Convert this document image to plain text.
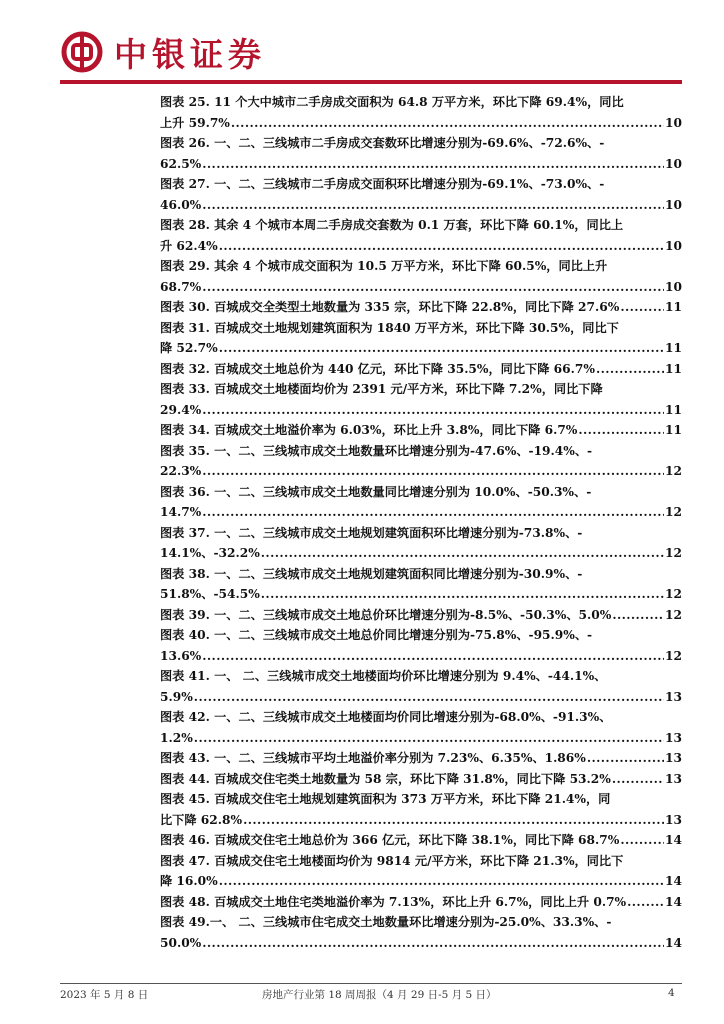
中银证券
图表 25. 11 个大中城市二手房成交面积为 64.8 万平方米，环比下降 69.4%，同比
上升 59.7% .....	10
图表 26. 一、二、三线城市二手房成交套数环比增速分别为-69.6%、-72.6%、-
62.5% .....	10
图表 27. 一、二、三线城市二手房成交面积环比增速分别为-69.1%、-73.0%、-
46.0% .....	10
图表 28. 其余 4 个城市本周二手房成交套数为 0.1 万套，环比下降 60.1%，同比上
升 62.4% .....	10
图表 29. 其余 4 个城市成交面积为 10.5 万平方米，环比下降 60.5%，同比上升
68.7% .....	10
图表 30. 百城成交全类型土地数量为 335 宗，环比下降 22.8%，同比下降 27.6% .....	11
图表 31. 百城成交土地规划建筑面积为 1840 万平方米，环比下降 30.5%，同比下
降 52.7% .....	11
图表 32. 百城成交土地总价为 440 亿元，环比下降 35.5%，同比下降 66.7% .....	11
图表 33. 百城成交土地楼面均价为 2391 元/平方米，环比下降 7.2%，同比下降
29.4% .....	11
图表 34. 百城成交土地溢价率为 6.03%，环比上升 3.8%，同比下降 6.7% .....	11
图表 35. 一、二、三线城市成交土地数量环比增速分别为-47.6%、-19.4%、-
22.3% .....	12
图表 36. 一、二、三线城市成交土地数量同比增速分别为 10.0%、-50.3%、-
14.7% .....	12
图表 37. 一、二、三线城市成交土地规划建筑面积环比增速分别为-73.8%、-
14.1%、-32.2% .....	12
图表 38. 一、二、三线城市成交土地规划建筑面积同比增速分别为-30.9%、-
51.8%、-54.5% .....	12
图表 39. 一、二、三线城市成交土地总价环比增速分别为-8.5%、-50.3%、5.0% .....	12
图表 40. 一、二、三线城市成交土地总价同比增速分别为-75.8%、-95.9%、-
13.6% .....	12
图表 41. 一、 二、三线城市成交土地楼面均价环比增速分别为 9.4%、-44.1%、
5.9% .....	13
图表 42. 一、二、三线城市成交土地楼面均价同比增速分别为-68.0%、-91.3%、
1.2% .....	13
图表 43. 一、二、三线城市平均土地溢价率分别为 7.23%、6.35%、1.86% .....	13
图表 44. 百城成交住宅类土地数量为 58 宗，环比下降 31.8%，同比下降 53.2% .....	13
图表 45. 百城成交住宅土地规划建筑面积为 373 万平方米，环比下降 21.4%，同
比下降 62.8% .....	13
图表 46. 百城成交住宅土地总价为 366 亿元，环比下降 38.1%，同比下降 68.7% .....	14
图表 47. 百城成交住宅土地楼面均价为 9814 元/平方米，环比下降 21.3%，同比下
降 16.0% .....	14
图表 48. 百城成交土地住宅类地溢价率为 7.13%，环比上升 6.7%，同比上升 0.7% .....	14
图表 49.一、 二、三线城市住宅成交土地数量环比增速分别为-25.0%、33.3%、-
50.0% .....	14
2023 年 5 月 8 日	房地产行业第 18 周周报（4 月 29 日-5 月 5 日）	4
